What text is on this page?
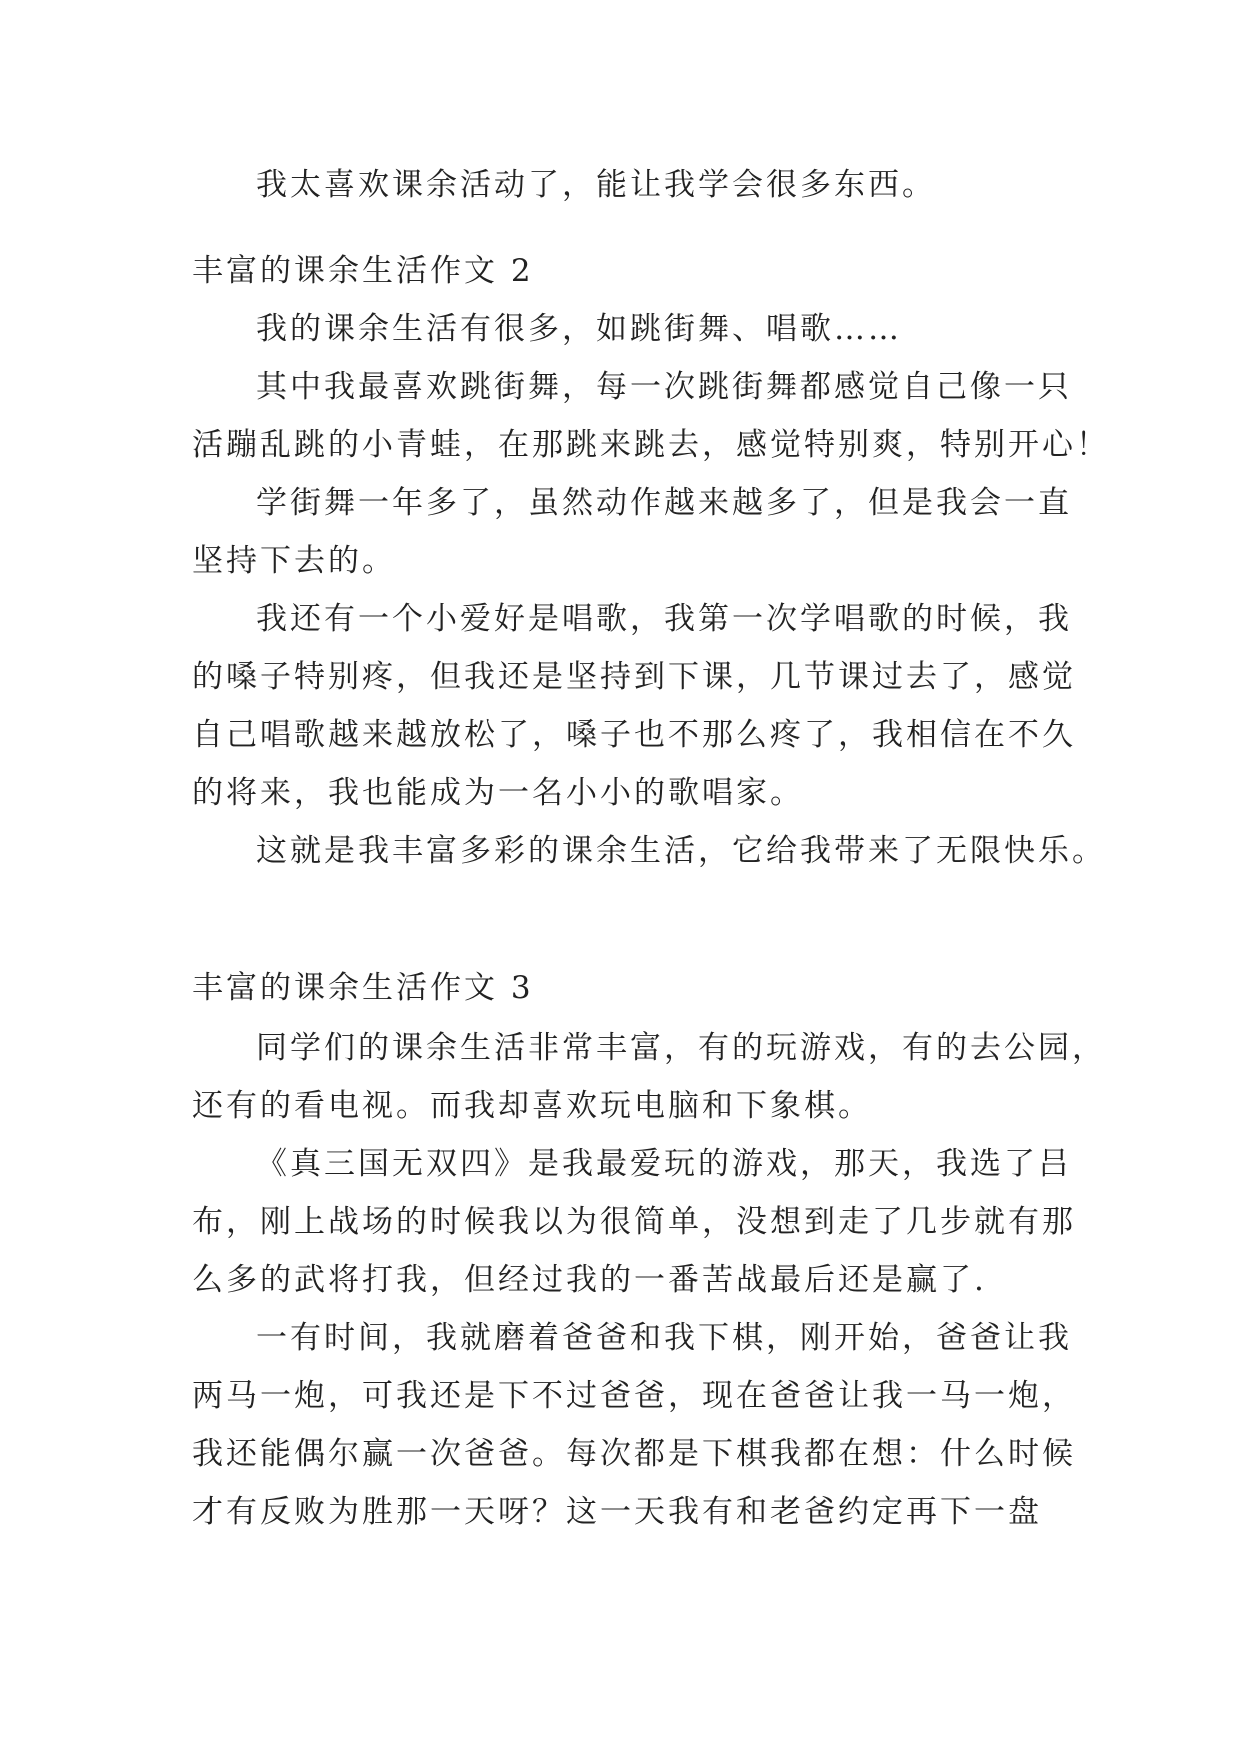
我太喜欢课余活动了，能让我学会很多东西。
丰富的课余生活作文 2
我的课余生活有很多，如跳街舞、唱歌……
其中我最喜欢跳街舞，每一次跳街舞都感觉自己像一只
活蹦乱跳的小青蛙，在那跳来跳去，感觉特别爽，特别开心！
学街舞一年多了，虽然动作越来越多了，但是我会一直
坚持下去的。
我还有一个小爱好是唱歌，我第一次学唱歌的时候，我
的嗓子特别疼，但我还是坚持到下课，几节课过去了，感觉
自己唱歌越来越放松了，嗓子也不那么疼了，我相信在不久
的将来，我也能成为一名小小的歌唱家。
这就是我丰富多彩的课余生活，它给我带来了无限快乐。
丰富的课余生活作文 3
同学们的课余生活非常丰富，有的玩游戏，有的去公园，
还有的看电视。而我却喜欢玩电脑和下象棋。
《真三国无双四》是我最爱玩的游戏，那天，我选了吕
布，刚上战场的时候我以为很简单，没想到走了几步就有那
么多的武将打我，但经过我的一番苦战最后还是赢了.
一有时间，我就磨着爸爸和我下棋，刚开始，爸爸让我
两马一炮，可我还是下不过爸爸，现在爸爸让我一马一炮，
我还能偶尔赢一次爸爸。每次都是下棋我都在想：什么时候
才有反败为胜那一天呀？这一天我有和老爸约定再下一盘
